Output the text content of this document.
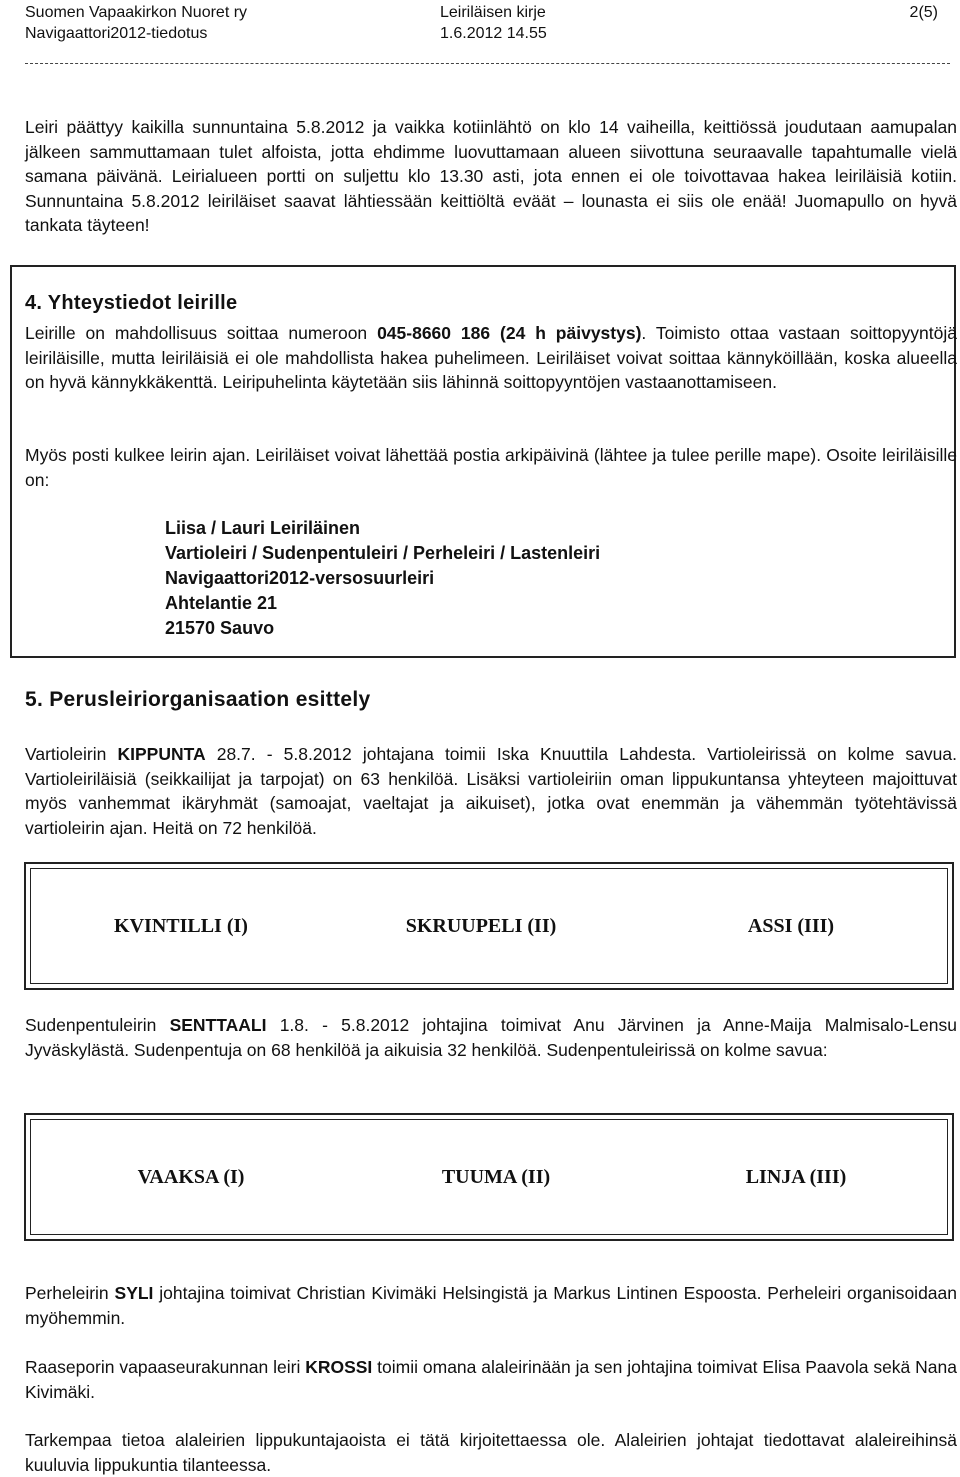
Suomen Vapaakirkon Nuoret ry
Navigaattori2012-tiedotus
Leiriläisen kirje
1.6.2012 14.55
2(5)

Leiri päättyy kaikilla sunnuntaina 5.8.2012 ja vaikka kotiinlähtö on klo 14 vaiheilla, keittiössä joudutaan aamupalan jälkeen sammuttamaan tulet alfoista, jotta ehdimme luovuttamaan alueen siivottuna seuraavalle tapahtumalle vielä samana päivänä. Leirialueen portti on suljettu klo 13.30 asti, jota ennen ei ole toivottavaa hakea leiriläisiä kotiin. Sunnuntaina 5.8.2012 leiriläiset saavat lähtiessään keittiöltä eväät – lounasta ei siis ole enää! Juomapullo on hyvä tankata täyteen!

4. Yhteystiedot leirille

Leirille on mahdollisuus soittaa numeroon 045-8660 186 (24 h päivystys). Toimisto ottaa vastaan soittopyyntöjä leiriläisille, mutta leiriläisiä ei ole mahdollista hakea puhelimeen. Leiriläiset voivat soittaa kännyköillään, koska alueella on hyvä kännykkäkenttä. Leiripuhelinta käytetään siis lähinnä soittopyyntöjen vastaanottamiseen.

Myös posti kulkee leirin ajan. Leiriläiset voivat lähettää postia arkipäivinä (lähtee ja tulee perille mape). Osoite leiriläisille on:

Liisa / Lauri Leiriläinen
Vartioleiri / Sudenpentuleiri / Perheleiri / Lastenleiri
Navigaattori2012-versosuurleiri
Ahtelantie 21
21570 Sauvo
5. Perusleiriorganisaation esittely

Vartioleirin KIPPUNTA 28.7. - 5.8.2012 johtajana toimii Iska Knuuttila Lahdesta. Vartioleirissä on kolme savua. Vartioleiriläisiä (seikkailijat ja tarpojat) on 63 henkilöä. Lisäksi vartioleiriin oman lippukuntansa yhteyteen majoittuvat myös vanhemmat ikäryhmät (samoajat, vaeltajat ja aikuiset), jotka ovat enemmän ja vähemmän työtehtävissä vartioleirin ajan. Heitä on 72 henkilöä.

KVINTILLI (I)	SKRUUPELI (II)	ASSI (III)

Sudenpentuleirin SENTTAALI 1.8. - 5.8.2012 johtajina toimivat Anu Järvinen ja Anne-Maija Malmisalo-Lensu Jyväskylästä. Sudenpentuja on 68 henkilöä ja aikuisia 32 henkilöä. Sudenpentuleirissä on kolme savua:

VAAKSA (I)	TUUMA (II)	LINJA (III)

Perheleirin SYLI johtajina toimivat Christian Kivimäki Helsingistä ja Markus Lintinen Espoosta. Perheleiri organisoidaan myöhemmin.

Raaseporin vapaaseurakunnan leiri KROSSI toimii omana alaleirinään ja sen johtajina toimivat Elisa Paavola sekä Nana Kivimäki.

Tarkempaa tietoa alaleirien lippukuntajaoista ei tätä kirjoitettaessa ole. Alaleirien johtajat tiedottavat alaleireihinsä kuuluvia lippukuntia tilanteessa.
